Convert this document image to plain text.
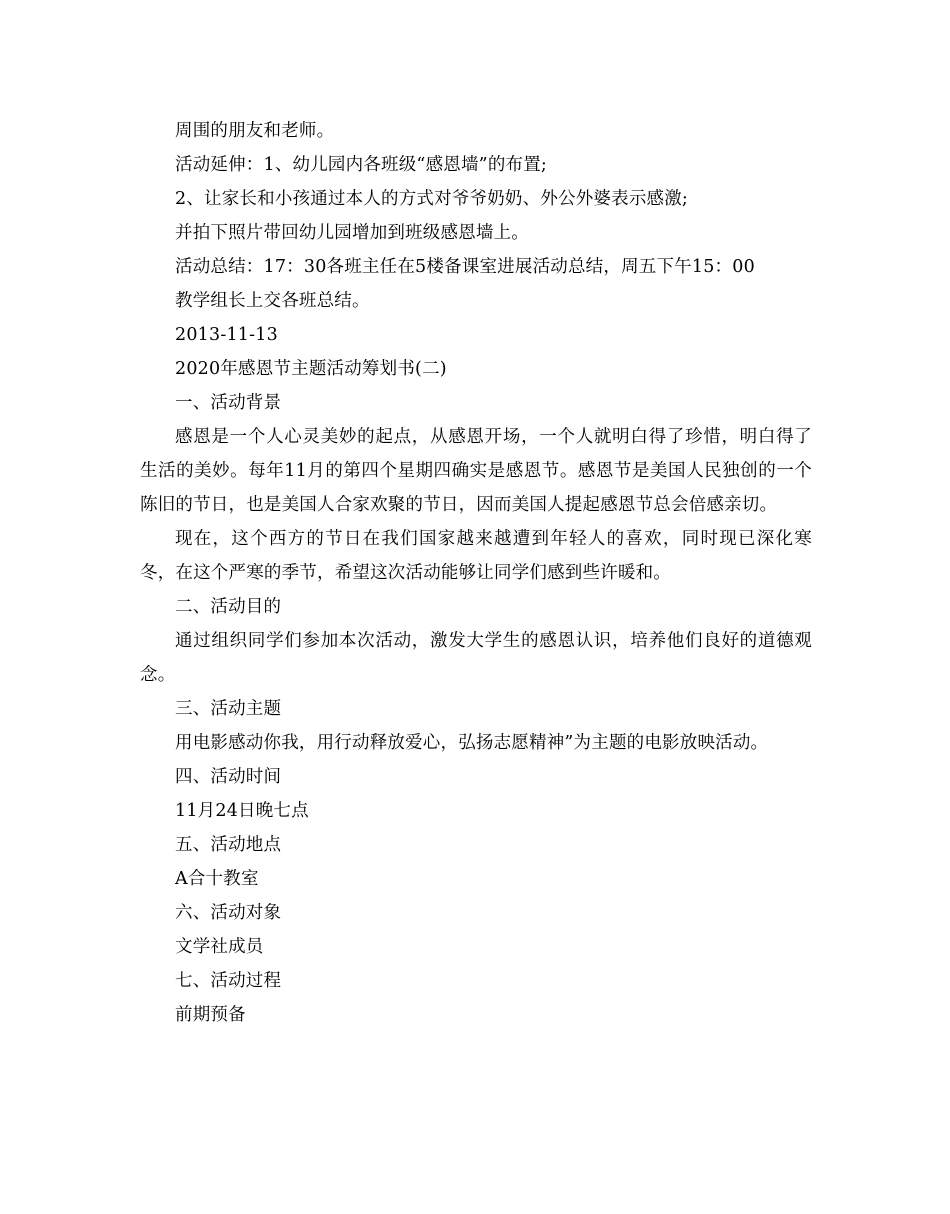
周围的朋友和老师。

活动延伸：1、幼儿园内各班级“感恩墙”的布置;

2、让家长和小孩通过本人的方式对爷爷奶奶、外公外婆表示感激;

并拍下照片带回幼儿园增加到班级感恩墙上。

活动总结：17：30各班主任在5楼备课室进展活动总结，周五下午15：00

教学组长上交各班总结。

2013-11-13

2020年感恩节主题活动筹划书(二)

一、活动背景

感恩是一个人心灵美妙的起点，从感恩开场，一个人就明白得了珍惜，明白得了生活的美妙。每年11月的第四个星期四确实是感恩节。感恩节是美国人民独创的一个陈旧的节日，也是美国人合家欢聚的节日，因而美国人提起感恩节总会倍感亲切。

现在，这个西方的节日在我们国家越来越遭到年轻人的喜欢，同时现已深化寒冬，在这个严寒的季节，希望这次活动能够让同学们感到些许暖和。

二、活动目的

通过组织同学们参加本次活动，激发大学生的感恩认识，培养他们良好的道德观念。

三、活动主题

用电影感动你我，用行动释放爱心，弘扬志愿精神”为主题的电影放映活动。

四、活动时间

11月24日晚七点

五、活动地点

A合十教室

六、活动对象

文学社成员

七、活动过程

前期预备
